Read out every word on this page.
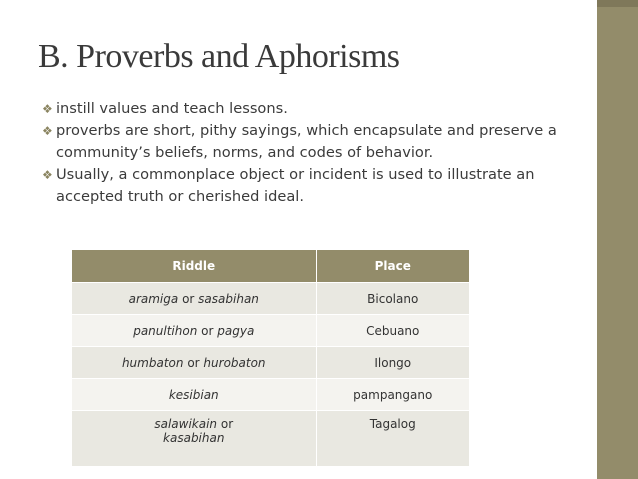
B. Proverbs and Aphorisms
❖ instill values and teach lessons.
❖ proverbs are short, pithy sayings, which encapsulate and preserve a community’s beliefs, norms, and codes of behavior.
❖ Usually, a commonplace object or incident is used to illustrate an accepted truth or cherished ideal.
Riddle	Place
aramiga or sasabihan	Bicolano
panultihon or pagya	Cebuano
humbaton or hurobaton	Ilongo
kesibian	pampangano

salawikain or
kasabihan	Tagalog
